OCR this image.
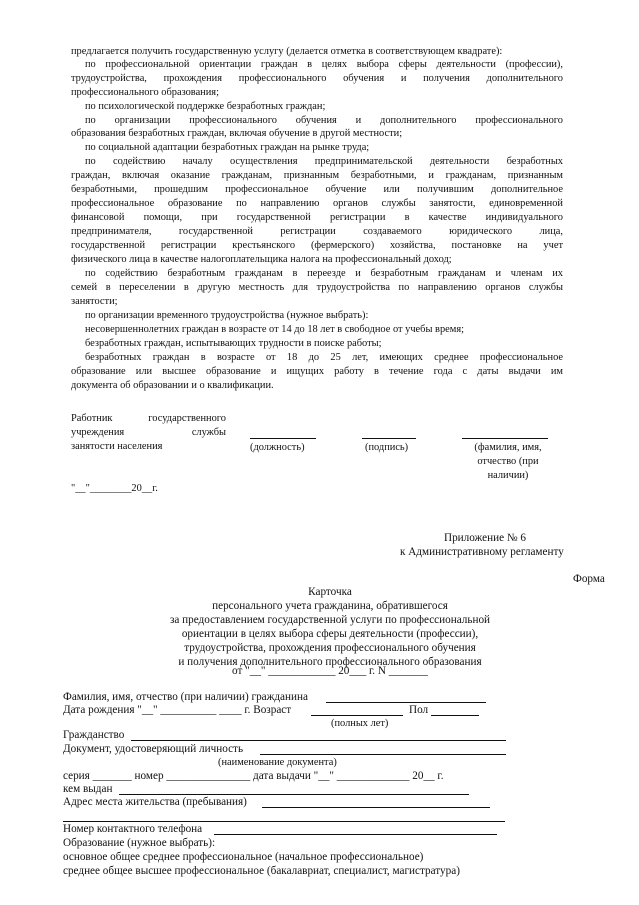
предлагается получить государственную услугу (делается отметка в соответствующем квадрате):
по профессиональной ориентации граждан в целях выбора сферы деятельности (профессии),
трудоустройства, прохождения профессионального обучения и получения дополнительного
профессионального образования;
по психологической поддержке безработных граждан;
по организации профессионального обучения и дополнительного профессионального
образования безработных граждан, включая обучение в другой местности;
по социальной адаптации безработных граждан на рынке труда;
по содействию началу осуществления предпринимательской деятельности безработных
граждан, включая оказание гражданам, признанным безработными, и гражданам, признанным
безработными, прошедшим профессиональное обучение или получившим дополнительное
профессиональное образование по направлению органов службы занятости, единовременной
финансовой помощи, при государственной регистрации в качестве индивидуального
предпринимателя, государственной регистрации создаваемого юридического лица,
государственной регистрации крестьянского (фермерского) хозяйства, постановке на учет
физического лица в качестве налогоплательщика налога на профессиональный доход;
по содействию безработным гражданам в переезде и безработным гражданам и членам их
семей в переселении в другую местность для трудоустройства по направлению органов службы
занятости;
по организации временного трудоустройства (нужное выбрать):
несовершеннолетних граждан в возрасте от 14 до 18 лет в свободное от учебы время;
безработных граждан, испытывающих трудности в поиске работы;
безработных граждан в возрасте от 18 до 25 лет, имеющих среднее профессиональное
образование или высшее образование и ищущих работу в течение года с даты выдачи им
документа об образовании и о квалификации.
Работник государственного
учреждения службы
занятости населения	(должность)	(подпись)	(фамилия, имя,
отчество (при
наличии)
"__"________20__г.
Приложение № 6
к Административному регламенту
Форма
Карточка
персонального учета гражданина, обратившегося
за предоставлением государственной услуги по профессиональной
ориентации в целях выбора сферы деятельности (профессии),
трудоустройства, прохождения профессионального обучения
и получения дополнительного профессионального образования
от "__" ____________ 20___ г. N _______
Фамилия, имя, отчество (при наличии) гражданина
Дата рождения "__" __________ ____ г. Возраст	Пол
(полных лет)
Гражданство
Документ, удостоверяющий личность
(наименование документа)
серия _______ номер _______________ дата выдачи "__" _____________ 20__ г.
кем выдан
Адрес места жительства (пребывания)
Номер контактного телефона
Образование (нужное выбрать):
основное общее среднее профессиональное (начальное профессиональное)
среднее общее высшее профессиональное (бакалавриат, специалист, магистратура)
